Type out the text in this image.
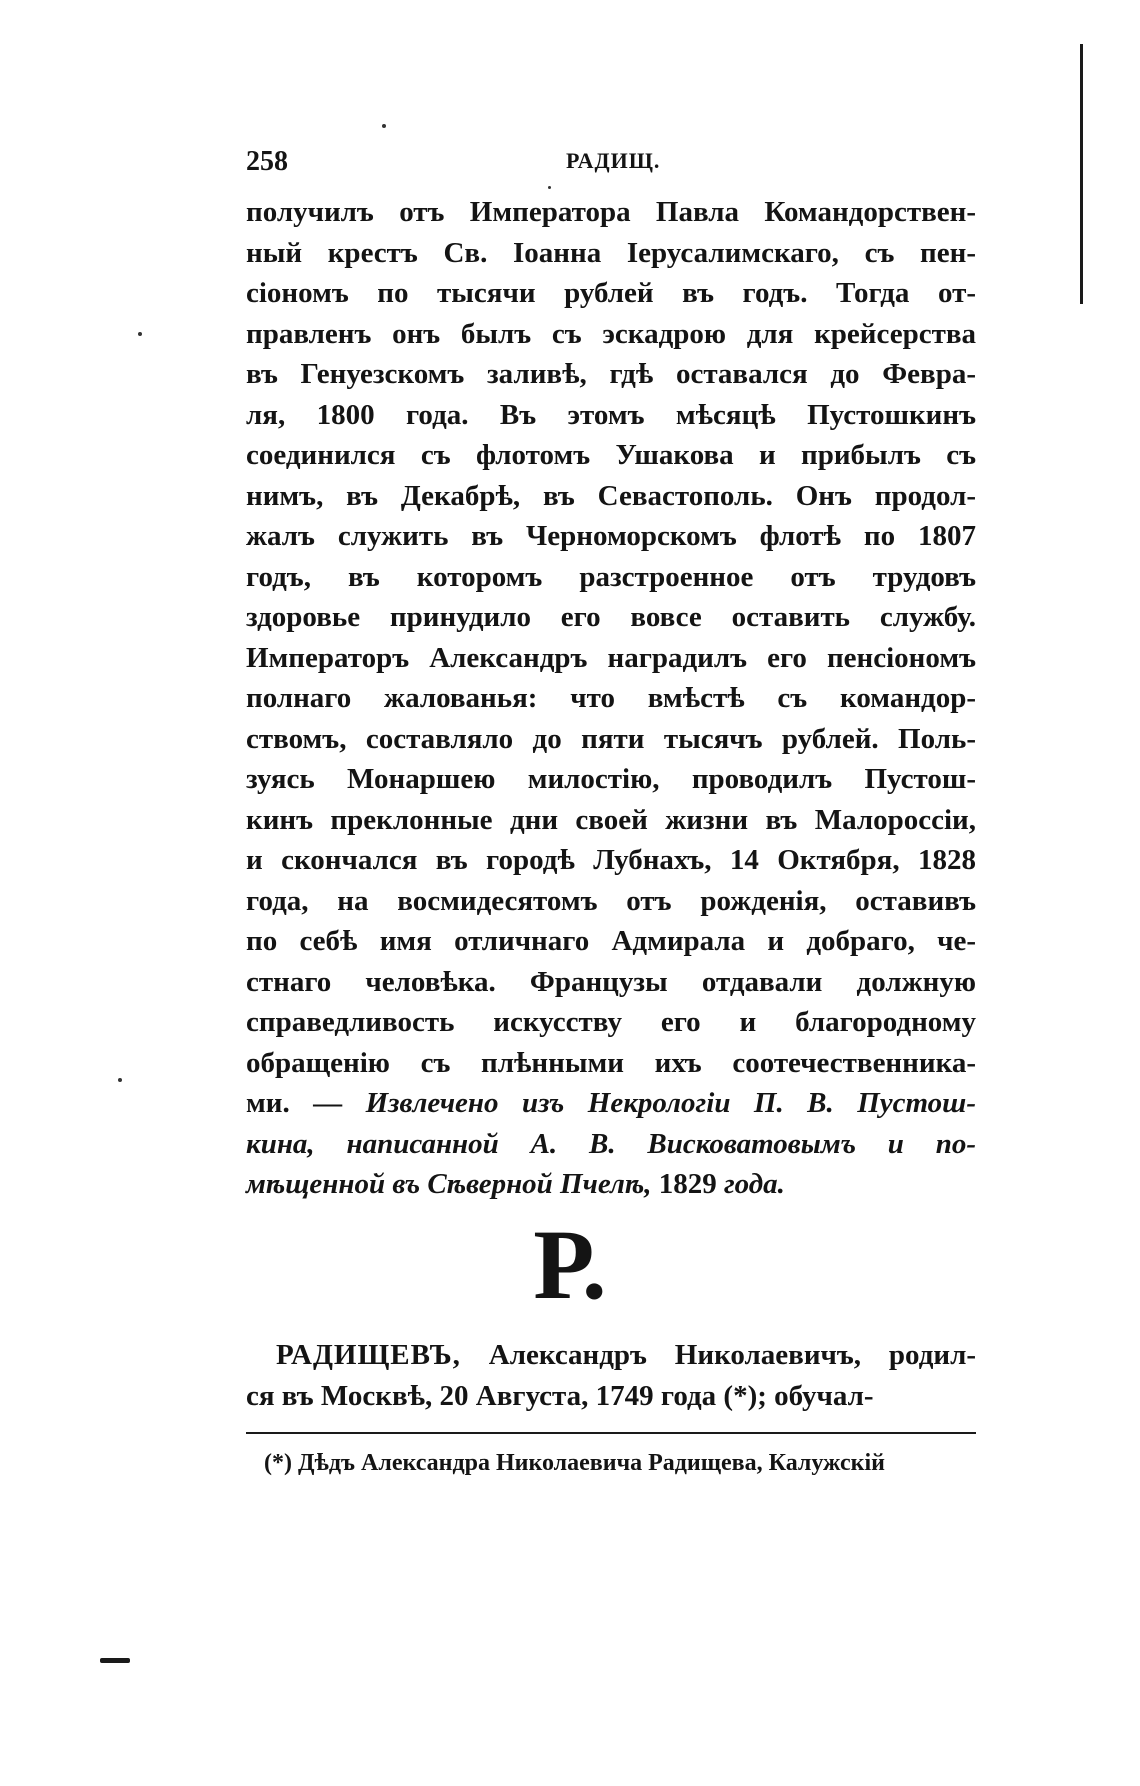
258	РАДИЩ.
получилъ отъ Императора Павла Командорствен-
ный крестъ Св. Іоанна Іерусалимскаго, съ пен-
сіономъ по тысячи рублей въ годъ. Тогда от-
правленъ онъ былъ съ эскадрою для крейсерства
въ Генуезскомъ заливѣ, гдѣ оставался до Февра-
ля, 1800 года. Въ этомъ мѣсяцѣ Пустошкинъ
соединился съ флотомъ Ушакова и прибылъ съ
нимъ, въ Декабрѣ, въ Севастополь. Онъ продол-
жалъ служить въ Черноморскомъ флотѣ по 1807
годъ, въ которомъ разстроенное отъ трудовъ
здоровье принудило его вовсе оставить службу.
Императоръ Александръ наградилъ его пенсіономъ
полнаго жалованья: что вмѣстѣ съ командор-
ствомъ, составляло до пяти тысячъ рублей. Поль-
зуясь Монаршею милостію, проводилъ Пустош-
кинъ преклонные дни своей жизни въ Малороссіи,
и скончался въ городѣ Лубнахъ, 14 Октября, 1828
года, на восмидесятомъ отъ рожденія, оставивъ
по себѣ имя отличнаго Адмирала и добраго, че-
стнаго человѣка. Французы отдавали должную
справедливость искусству его и благородному
обращенію съ плѣнными ихъ соотечественника-
ми. — Извлечено изъ Некрологіи П. В. Пустош-
кина, написанной А. В. Висковатовымъ и по-
мѣщенной въ Сѣверной Пчелѣ, 1829 года.
Р.
РАДИЩЕВЪ, Александръ Николаевичъ, родил-
ся въ Москвѣ, 20 Августа, 1749 года (*); обучал-
(*) Дѣдъ Александра Николаевича Радищева, Калужскій
